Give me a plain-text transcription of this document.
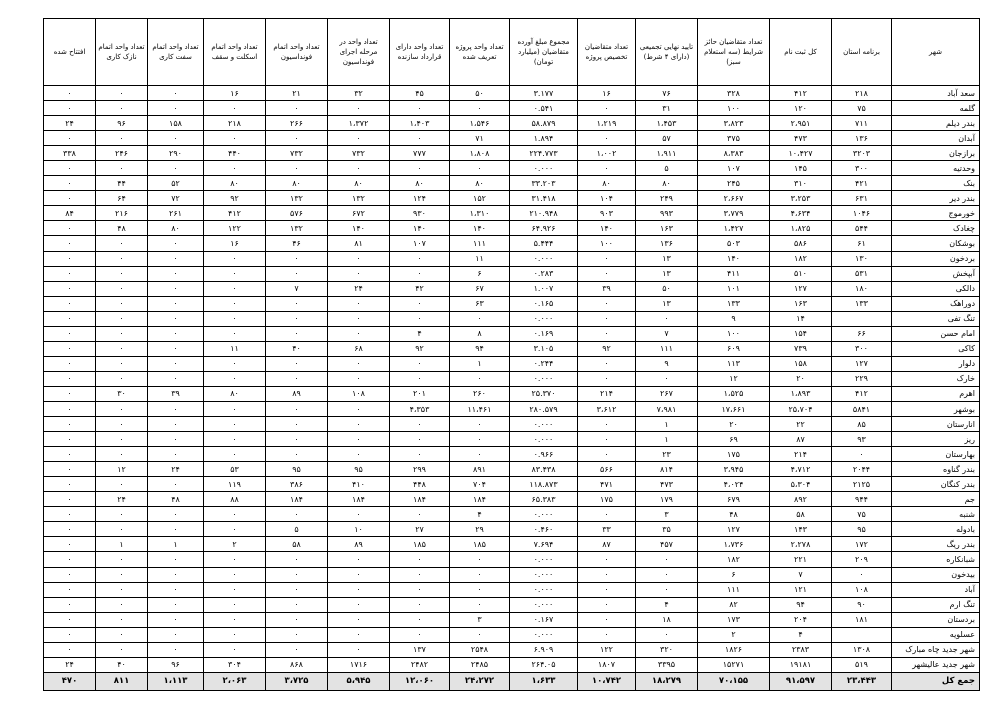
شهر	برنامه استان	کل ثبت نام	تعداد متقاضیان حائز شرایط (سه استعلام سبز)	تایید نهایی تجمیعی (دارای ۴ شرط)	تعداد متقاضیان تخصیص پروژه	مجموع مبلغ آورده متقاضیان (میلیارد تومان)	تعداد واحد پروژه تعریف شده	تعداد واحد دارای قرارداد سازنده	تعداد واحد در مرحله اجرای فونداسیون	تعداد واحد اتمام فونداسیون	تعداد واحد اتمام اسکلت و سقف	تعداد واحد اتمام سفت کاری	تعداد واحد اتمام نازک کاری	افتتاح شده
سعد آباد	۲۱۸	۴۱۲	۳۲۸	۷۶	۱۶	۳.۱۷۷	۵۰	۴۵	۳۲	۲۱	۱۶	۰	۰	۰
گلمه	۷۵	۱۲۰	۱۰۰	۳۱	۰	۰.۵۴۱	۰	۰	۰	۰	۰	۰	۰	۰
بندر دیلم	۷۱۱	۲،۹۵۱	۳،۸۲۳	۱،۴۵۳	۱،۲۱۹	۵۸.۸۷۹	۱،۵۴۶	۱،۴۰۳	۱،۳۷۲	۲۶۶	۲۱۸	۱۵۸	۹۶	۲۴
آبدان	۱۳۶	۴۷۳	۳۷۵	۵۷	۰	۱.۸۹۴	۷۱	۰	۰	۰	۰	۰	۰	۰
برازجان	۳۲۰۳	۱۰،۴۲۷	۸،۳۸۳	۱،۹۱۱	۱،۰۰۲	۲۲۴.۷۷۳	۱،۸۰۸	۷۷۷	۷۳۲	۷۳۲	۴۴۰	۲۹۰	۲۴۶	۳۳۸
وحدتیه	۳۰۰	۱۴۵	۱۰۷	۵	۰	۰.۰۰۰	۰	۰	۰	۰	۰	۰	۰	۰
بنک	۴۲۱	۳۱۰	۲۴۵	۸۰	۸۰	۳۳.۲۰۳	۸۰	۸۰	۸۰	۸۰	۸۰	۵۲	۴۴	۰
بندر دیر	۶۳۱	۳،۲۵۳	۲،۶۶۷	۲۴۹	۱۰۴	۳۱.۴۱۸	۱۵۲	۱۲۴	۱۳۲	۱۳۲	۹۲	۷۲	۶۴	۰
خورموج	۱۰۴۶	۴،۶۳۴	۳،۷۷۹	۹۹۳	۹۰۳	۲۱۰.۹۴۸	۱،۳۱۰	۹۳۰	۶۷۲	۵۷۶	۴۱۲	۲۶۱	۲۱۶	۸۴
چغادک	۵۴۴	۱،۸۲۵	۱،۴۲۷	۱۶۳	۱۴۰	۶۴.۹۲۶	۱۴۰	۱۴۰	۱۴۰	۱۳۲	۱۲۲	۸۰	۴۸	۰
بوشکان	۶۱	۵۸۶	۵۰۳	۱۳۶	۱۰۰	۵.۴۴۴	۱۱۱	۱۰۷	۸۱	۴۶	۱۶	۰	۰	۰
بردخون	۱۳۰	۱۸۲	۱۴۰	۱۳	۰	۰.۰۰۰	۱۱	۰	۰	۰	۰	۰	۰	۰
آبپخش	۵۳۱	۵۱۰	۴۱۱	۱۳	۰	۰.۲۸۳	۶	۰	۰	۰	۰	۰	۰	۰
دالکی	۱۸۰	۱۲۷	۱۰۱	۵۰	۳۹	۱.۰۰۷	۶۷	۴۲	۲۴	۷	۰	۰	۰	۰
دوراهک	۱۳۳	۱۶۳	۱۳۳	۱۳	۰	۰.۱۶۵	۶۳	۰	۰	۰	۰	۰	۰	۰
تنگ تفی		۱۴	۹	۰	۰	۰.۰۰۰	۰	۰	۰	۰	۰	۰	۰	۰
امام حسن	۶۶	۱۵۴	۱۰۰	۷	۰	۰.۱۶۹	۸	۴	۰	۰	۰	۰	۰	۰
کاکی	۳۰۰	۷۳۹	۶۰۹	۱۱۱	۹۲	۳.۱۰۵	۹۴	۹۲	۶۸	۴۰	۱۱	۰	۰	۰
دلوار	۱۲۷	۱۵۸	۱۱۳	۹	۰	۰.۲۴۴	۱	۰	۰	۰	۰	۰	۰	۰
خارک	۲۲۹	۲۰	۱۲	۰	۰	۰.۰۰۰	۰	۰	۰	۰	۰	۰	۰	۰
اهرم	۴۱۲	۱،۸۹۳	۱،۵۲۵	۲۶۷	۲۱۴	۲۵.۳۷۰	۲۶۰	۲۰۱	۱۰۸	۸۹	۸۰	۳۹	۳۰	۰
بوشهر	۵۸۴۱	۲۵،۷۰۴	۱۷،۶۶۱	۷،۹۸۱	۳،۶۱۲	۲۸۰.۵۷۹	۱۱،۴۶۱	۴،۳۵۳	۰	۰	۰	۰	۰	۰
انارستان	۸۵	۲۲	۲۰	۱	۰	۰.۰۰۰	۰	۰	۰	۰	۰	۰	۰	۰
ریز	۹۳	۸۷	۶۹	۱	۰	۰.۰۰۰	۰	۰	۰	۰	۰	۰	۰	۰
بهارستان	۰	۲۱۴	۱۷۵	۲۳	۰	۰.۹۶۶	۰	۰	۰	۰	۰	۰	۰	۰
بندر گناوه	۲۰۴۴	۴،۷۱۲	۳،۹۴۵	۸۱۴	۵۶۶	۸۳.۴۳۸	۸۹۱	۲۹۹	۹۵	۹۵	۵۳	۲۴	۱۲	۰
بندر کنگان	۲۱۲۵	۵،۳۰۴	۴،۰۲۴	۴۷۳	۴۷۱	۱۱۸.۸۷۳	۷۰۴	۴۴۸	۴۱۰	۳۸۶	۱۱۹	۰	۰	۰
جم	۹۴۴	۸۹۲	۶۷۹	۱۷۹	۱۷۵	۶۵.۳۸۳	۱۸۴	۱۸۴	۱۸۴	۱۸۴	۸۸	۴۸	۲۴	۰
شنبه	۷۵	۵۸	۴۸	۳	۰	۰.۰۰۰	۴	۰	۰	۰	۰	۰	۰	۰
بادوله	۹۵	۱۴۳	۱۲۷	۳۵	۳۳	۰.۴۶۰	۲۹	۲۷	۱۰	۵	۰	۰	۰	۰
بندر ریگ	۱۷۲	۲،۲۷۸	۱،۷۳۶	۴۵۷	۸۷	۷.۶۹۴	۱۸۵	۱۸۵	۸۹	۵۸	۲	۱	۱	۰
شبانکاره	۲۰۹	۲۲۱	۱۸۲	۰	۰	۰.۰۰۰	۰	۰	۰	۰	۰	۰	۰	۰
بیدخون	۰	۷	۶	۰	۰	۰.۰۰۰	۰	۰	۰	۰	۰	۰	۰	۰
آباد	۱۰۸	۱۲۱	۱۱۱	۰	۰	۰.۰۰۰	۰	۰	۰	۰	۰	۰	۰	۰
تنگ ارم	۹۰	۹۴	۸۲	۴	۰	۰.۰۰۰	۰	۰	۰	۰	۰	۰	۰	۰
بردستان	۱۸۱	۲۰۴	۱۷۳	۱۸	۰	۰.۱۶۷	۳	۰	۰	۰	۰	۰	۰	۰
عسلویه		۴	۲	۰	۰	۰.۰۰۰	۰	۰	۰	۰	۰	۰	۰	۰
شهر جدید چاه مبارک	۱۳۰۸	۲۳۸۳	۱۸۲۶	۳۲۰	۱۲۲	۶.۹۰۹	۲۵۴۸	۱۳۷	۰	۰	۰	۰	۰	۰
شهر جدید عالیشهر	۵۱۹	۱۹۱۸۱	۱۵۲۷۱	۳۳۹۵	۱۸۰۷	۲۶۴.۰۵	۲۴۸۵	۲۴۸۲	۱۷۱۶	۸۶۸	۳۰۴	۹۶	۴۰	۲۴
جمع کل	۲۳،۴۴۳	۹۱،۵۹۷	۷۰،۱۵۵	۱۸،۲۷۹	۱۰،۷۴۲	۱،۶۳۳	۲۴،۲۷۲	۱۲،۰۶۰	۵،۹۴۵	۳،۷۲۵	۲،۰۶۳	۱،۱۱۳	۸۱۱	۴۷۰
